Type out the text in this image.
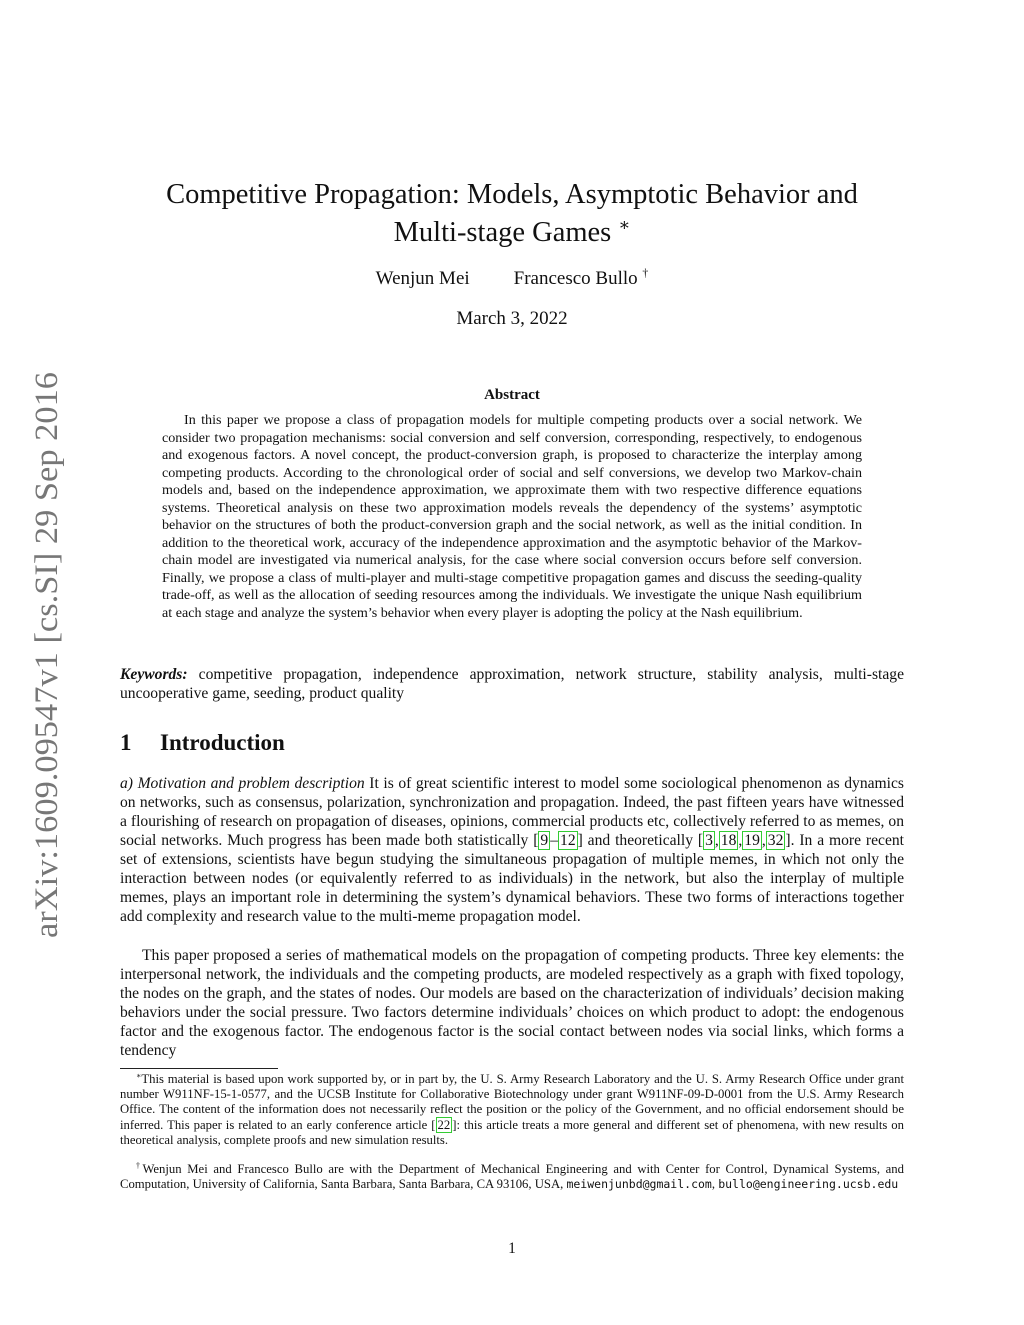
arXiv:1609.09547v1 [cs.SI] 29 Sep 2016
Competitive Propagation: Models, Asymptotic Behavior and
Multi-stage Games ∗
Wenjun Mei Francesco Bullo †
March 3, 2022
Abstract

In this paper we propose a class of propagation models for multiple competing products over a social network. We consider two propagation mechanisms: social conversion and self conversion, corresponding, respectively, to endogenous and exogenous factors. A novel concept, the product-conversion graph, is proposed to characterize the interplay among competing products. According to the chronological order of social and self conversions, we develop two Markov-chain models and, based on the independence approximation, we approximate them with two respective difference equations systems. Theoretical analysis on these two approximation models reveals the dependency of the systems’ asymptotic behavior on the structures of both the product-conversion graph and the social network, as well as the initial condition. In addition to the theoretical work, accuracy of the independence approximation and the asymptotic behavior of the Markov-chain model are investigated via numerical analysis, for the case where social conversion occurs before self conversion. Finally, we propose a class of multi-player and multi-stage competitive propagation games and discuss the seeding-quality trade-off, as well as the allocation of seeding resources among the individuals. We investigate the unique Nash equilibrium at each stage and analyze the system’s behavior when every player is adopting the policy at the Nash equilibrium.

Keywords: competitive propagation, independence approximation, network structure, stability analysis, multi-stage uncooperative game, seeding, product quality

1 Introduction

a) Motivation and problem description It is of great scientific interest to model some sociological phenomenon as dynamics on networks, such as consensus, polarization, synchronization and propagation. Indeed, the past fifteen years have witnessed a flourishing of research on propagation of diseases, opinions, commercial products etc, collectively referred to as memes, on social networks. Much progress has been made both statistically [ 9 – 12 ] and theoretically [ 3 , 18 , 19 , 32 ]. In a more recent set of extensions, scientists have begun studying the simultaneous propagation of multiple memes, in which not only the interaction between nodes (or equivalently referred to as individuals) in the network, but also the interplay of multiple memes, plays an important role in determining the system’s dynamical behaviors. These two forms of interactions together add complexity and research value to the multi-meme propagation model.

This paper proposed a series of mathematical models on the propagation of competing products. Three key elements: the interpersonal network, the individuals and the competing products, are modeled respectively as a graph with fixed topology, the nodes on the graph, and the states of nodes. Our models are based on the characterization of individuals’ decision making behaviors under the social pressure. Two factors determine individuals’ choices on which product to adopt: the endogenous factor and the exogenous factor. The endogenous factor is the social contact between nodes via social links, which forms a tendency

∗This material is based upon work supported by, or in part by, the U. S. Army Research Laboratory and the U. S. Army Research Office under grant number W911NF-15-1-0577, and the UCSB Institute for Collaborative Biotechnology under grant W911NF-09-D-0001 from the U.S. Army Research Office. The content of the information does not necessarily reflect the position or the policy of the Government, and no official endorsement should be inferred. This paper is related to an early conference article [ 22 ]: this article treats a more general and different set of phenomena, with new results on theoretical analysis, complete proofs and new simulation results.

†Wenjun Mei and Francesco Bullo are with the Department of Mechanical Engineering and with Center for Control, Dynamical Systems, and Computation, University of California, Santa Barbara, Santa Barbara, CA 93106, USA, meiwenjunbd@gmail.com, bullo@engineering.ucsb.edu

1
